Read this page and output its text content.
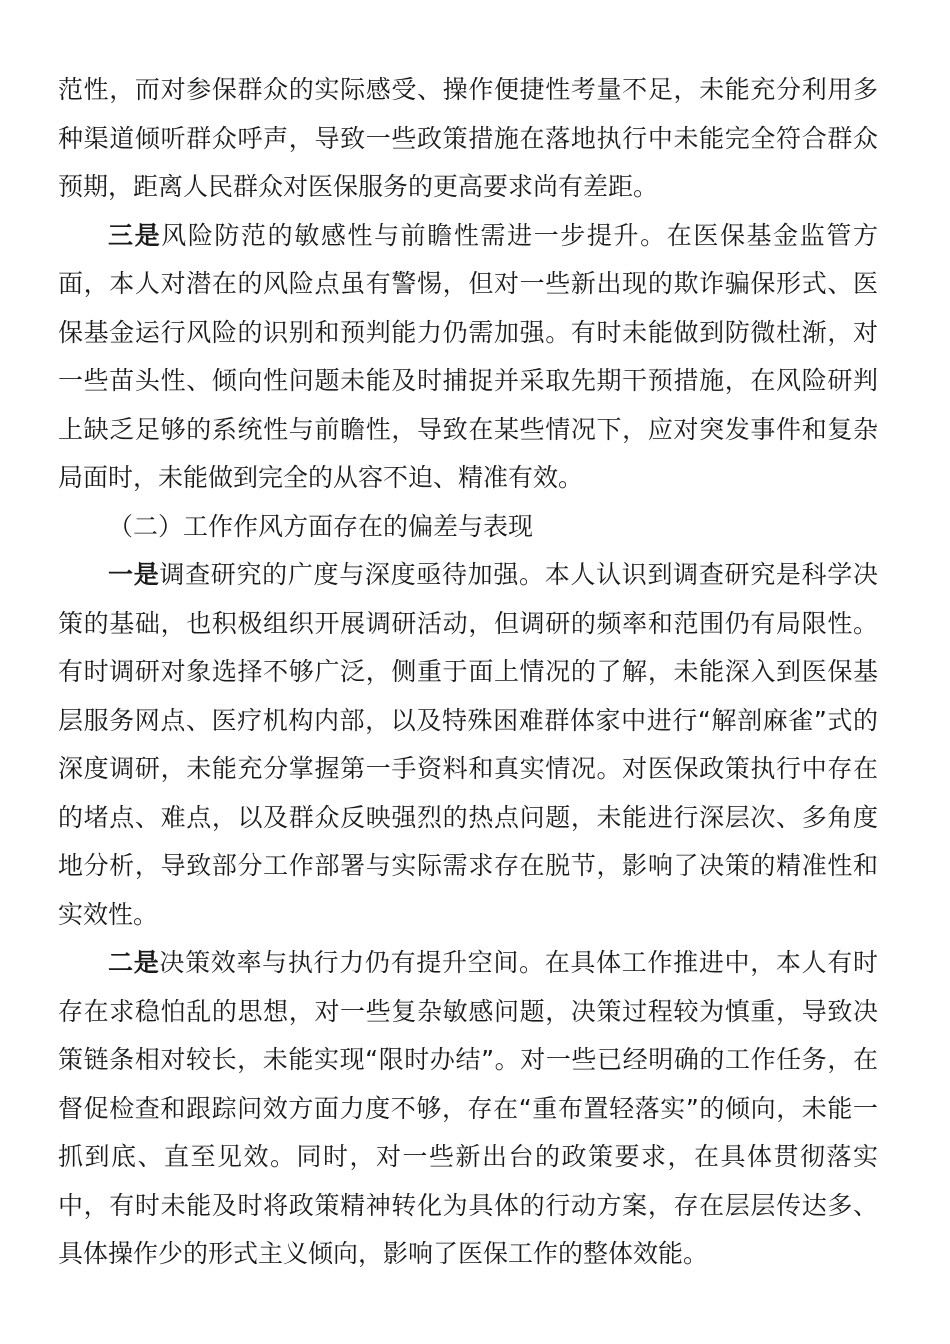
范性，而对参保群众的实际感受、操作便捷性考量不足，未能充分利用多种渠道倾听群众呼声，导致一些政策措施在落地执行中未能完全符合群众预期，距离人民群众对医保服务的更高要求尚有差距。

三是风险防范的敏感性与前瞻性需进一步提升。在医保基金监管方面，本人对潜在的风险点虽有警惕，但对一些新出现的欺诈骗保形式、医保基金运行风险的识别和预判能力仍需加强。有时未能做到防微杜渐，对一些苗头性、倾向性问题未能及时捕捉并采取先期干预措施，在风险研判上缺乏足够的系统性与前瞻性，导致在某些情况下，应对突发事件和复杂局面时，未能做到完全的从容不迫、精准有效。

（二）工作作风方面存在的偏差与表现

一是调查研究的广度与深度亟待加强。本人认识到调查研究是科学决策的基础，也积极组织开展调研活动，但调研的频率和范围仍有局限性。有时调研对象选择不够广泛，侧重于面上情况的了解，未能深入到医保基层服务网点、医疗机构内部，以及特殊困难群体家中进行“解剖麻雀”式的深度调研，未能充分掌握第一手资料和真实情况。对医保政策执行中存在的堵点、难点，以及群众反映强烈的热点问题，未能进行深层次、多角度地分析，导致部分工作部署与实际需求存在脱节，影响了决策的精准性和实效性。

二是决策效率与执行力仍有提升空间。在具体工作推进中，本人有时存在求稳怕乱的思想，对一些复杂敏感问题，决策过程较为慎重，导致决策链条相对较长，未能实现“限时办结”。对一些已经明确的工作任务，在督促检查和跟踪问效方面力度不够，存在“重布置轻落实”的倾向，未能一抓到底、直至见效。同时，对一些新出台的政策要求，在具体贯彻落实中，有时未能及时将政策精神转化为具体的行动方案，存在层层传达多、具体操作少的形式主义倾向，影响了医保工作的整体效能。
